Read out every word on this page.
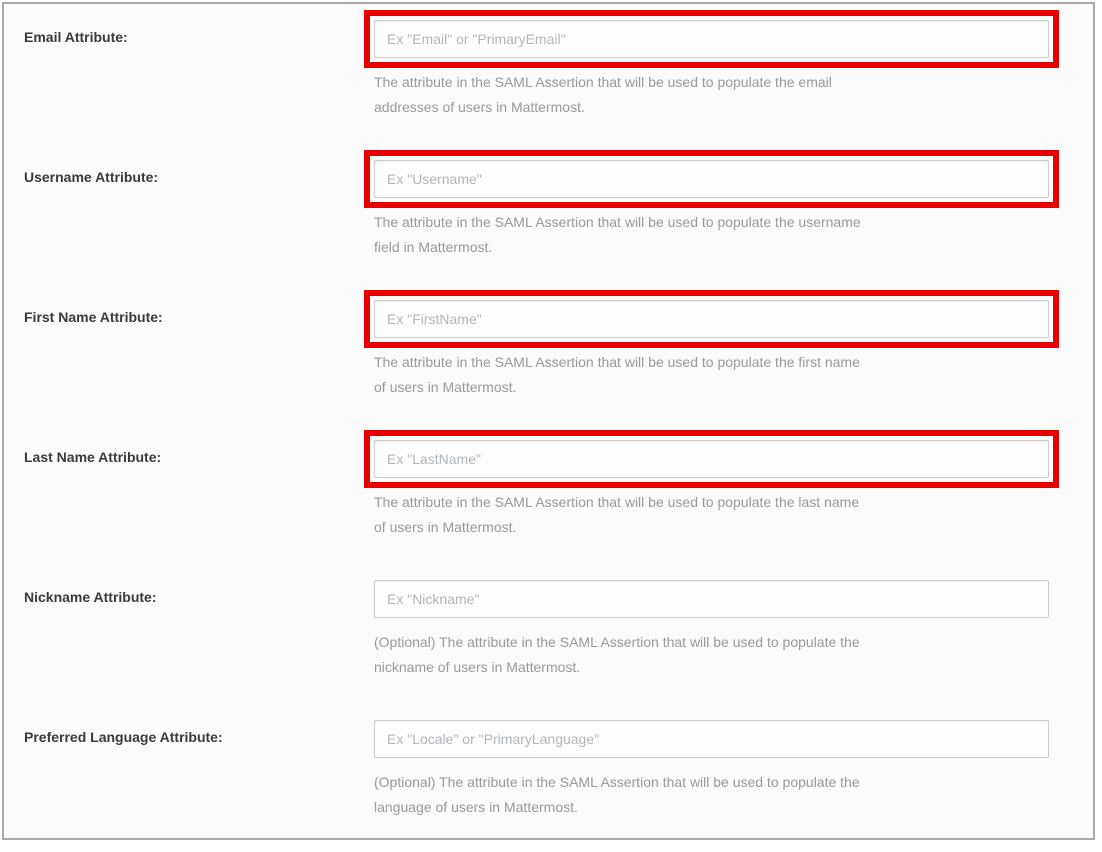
Email Attribute:
Ex "Email" or "PrimaryEmail"
The attribute in the SAML Assertion that will be used to populate the email
addresses of users in Mattermost.
Username Attribute:
Ex "Username"
The attribute in the SAML Assertion that will be used to populate the username
field in Mattermost.
First Name Attribute:
Ex "FirstName"
The attribute in the SAML Assertion that will be used to populate the first name
of users in Mattermost.
Last Name Attribute:
Ex "LastName"
The attribute in the SAML Assertion that will be used to populate the last name
of users in Mattermost.
Nickname Attribute:
Ex "Nickname"
(Optional) The attribute in the SAML Assertion that will be used to populate the
nickname of users in Mattermost.
Preferred Language Attribute:
Ex "Locale" or "PrimaryLanguage"
(Optional) The attribute in the SAML Assertion that will be used to populate the
language of users in Mattermost.
